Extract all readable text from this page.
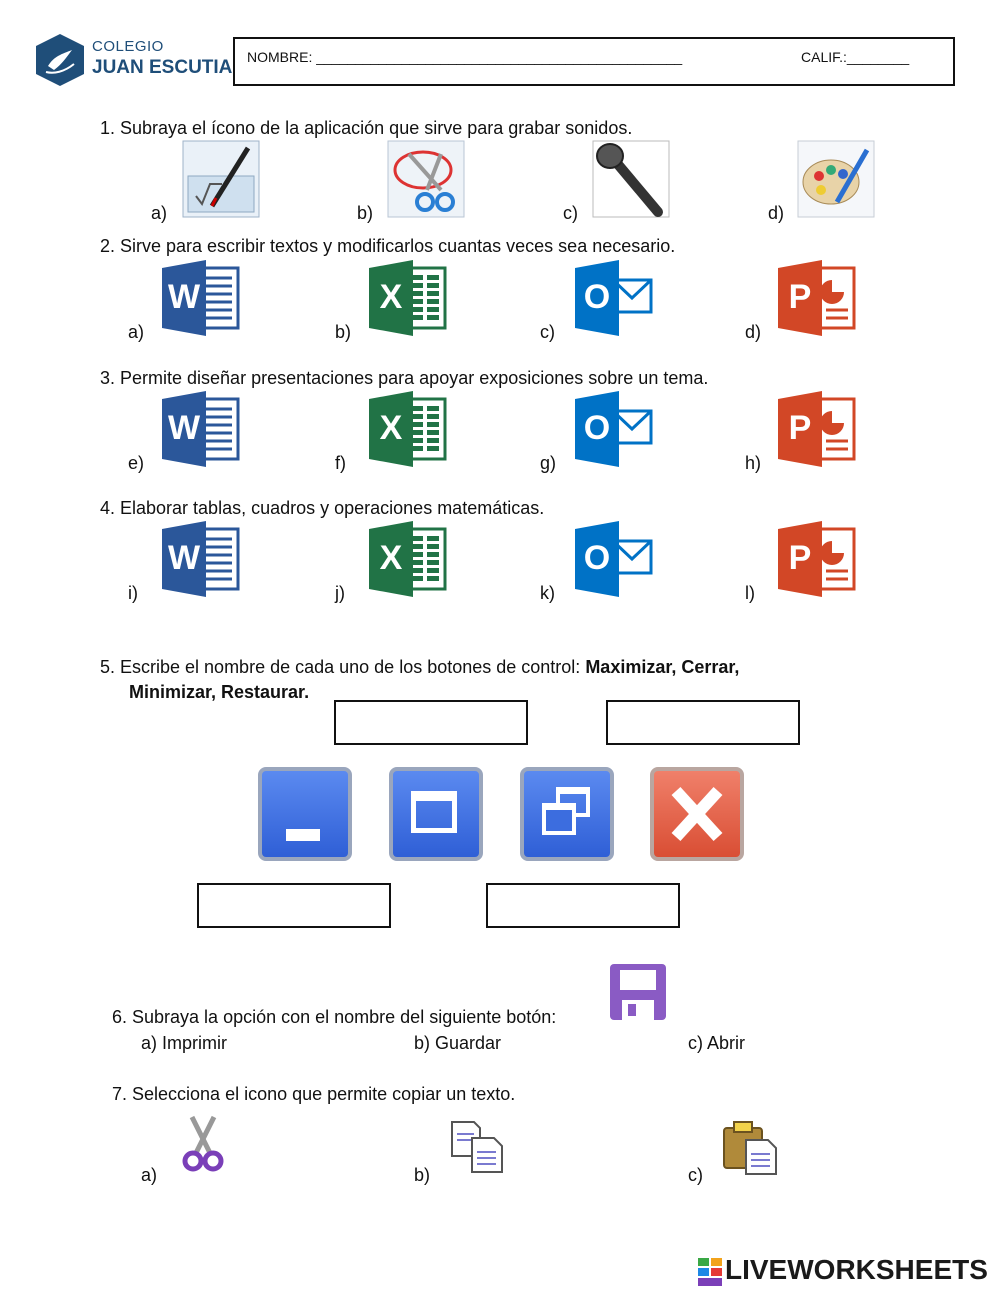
COLEGIO
JUAN ESCUTIA NOMBRE: _______________________________________________	CALIF.:________
1. Subraya el ícono de la aplicación que sirve para grabar sonidos.
a)	b)	c)	d)
2. Sirve para escribir textos y modificarlos cuantas veces sea necesario.
a)	b)	c)	d)
3. Permite diseñar presentaciones para apoyar exposiciones sobre un tema.
e)	f)	g)	h)
4. Elaborar tablas, cuadros y operaciones matemáticas.
i)	j)	k)	l)
W	X	O	P
W	X	O	P
W	X	O	P
5. Escribe el nombre de cada uno de los botones de control: Maximizar, Cerrar,
Minimizar, Restaurar.
6. Subraya la opción con el nombre del siguiente botón:
a) Imprimir	b) Guardar	c) Abrir
7. Selecciona el icono que permite copiar un texto.
a)	b)	c)
LIVEWORKSHEETS
